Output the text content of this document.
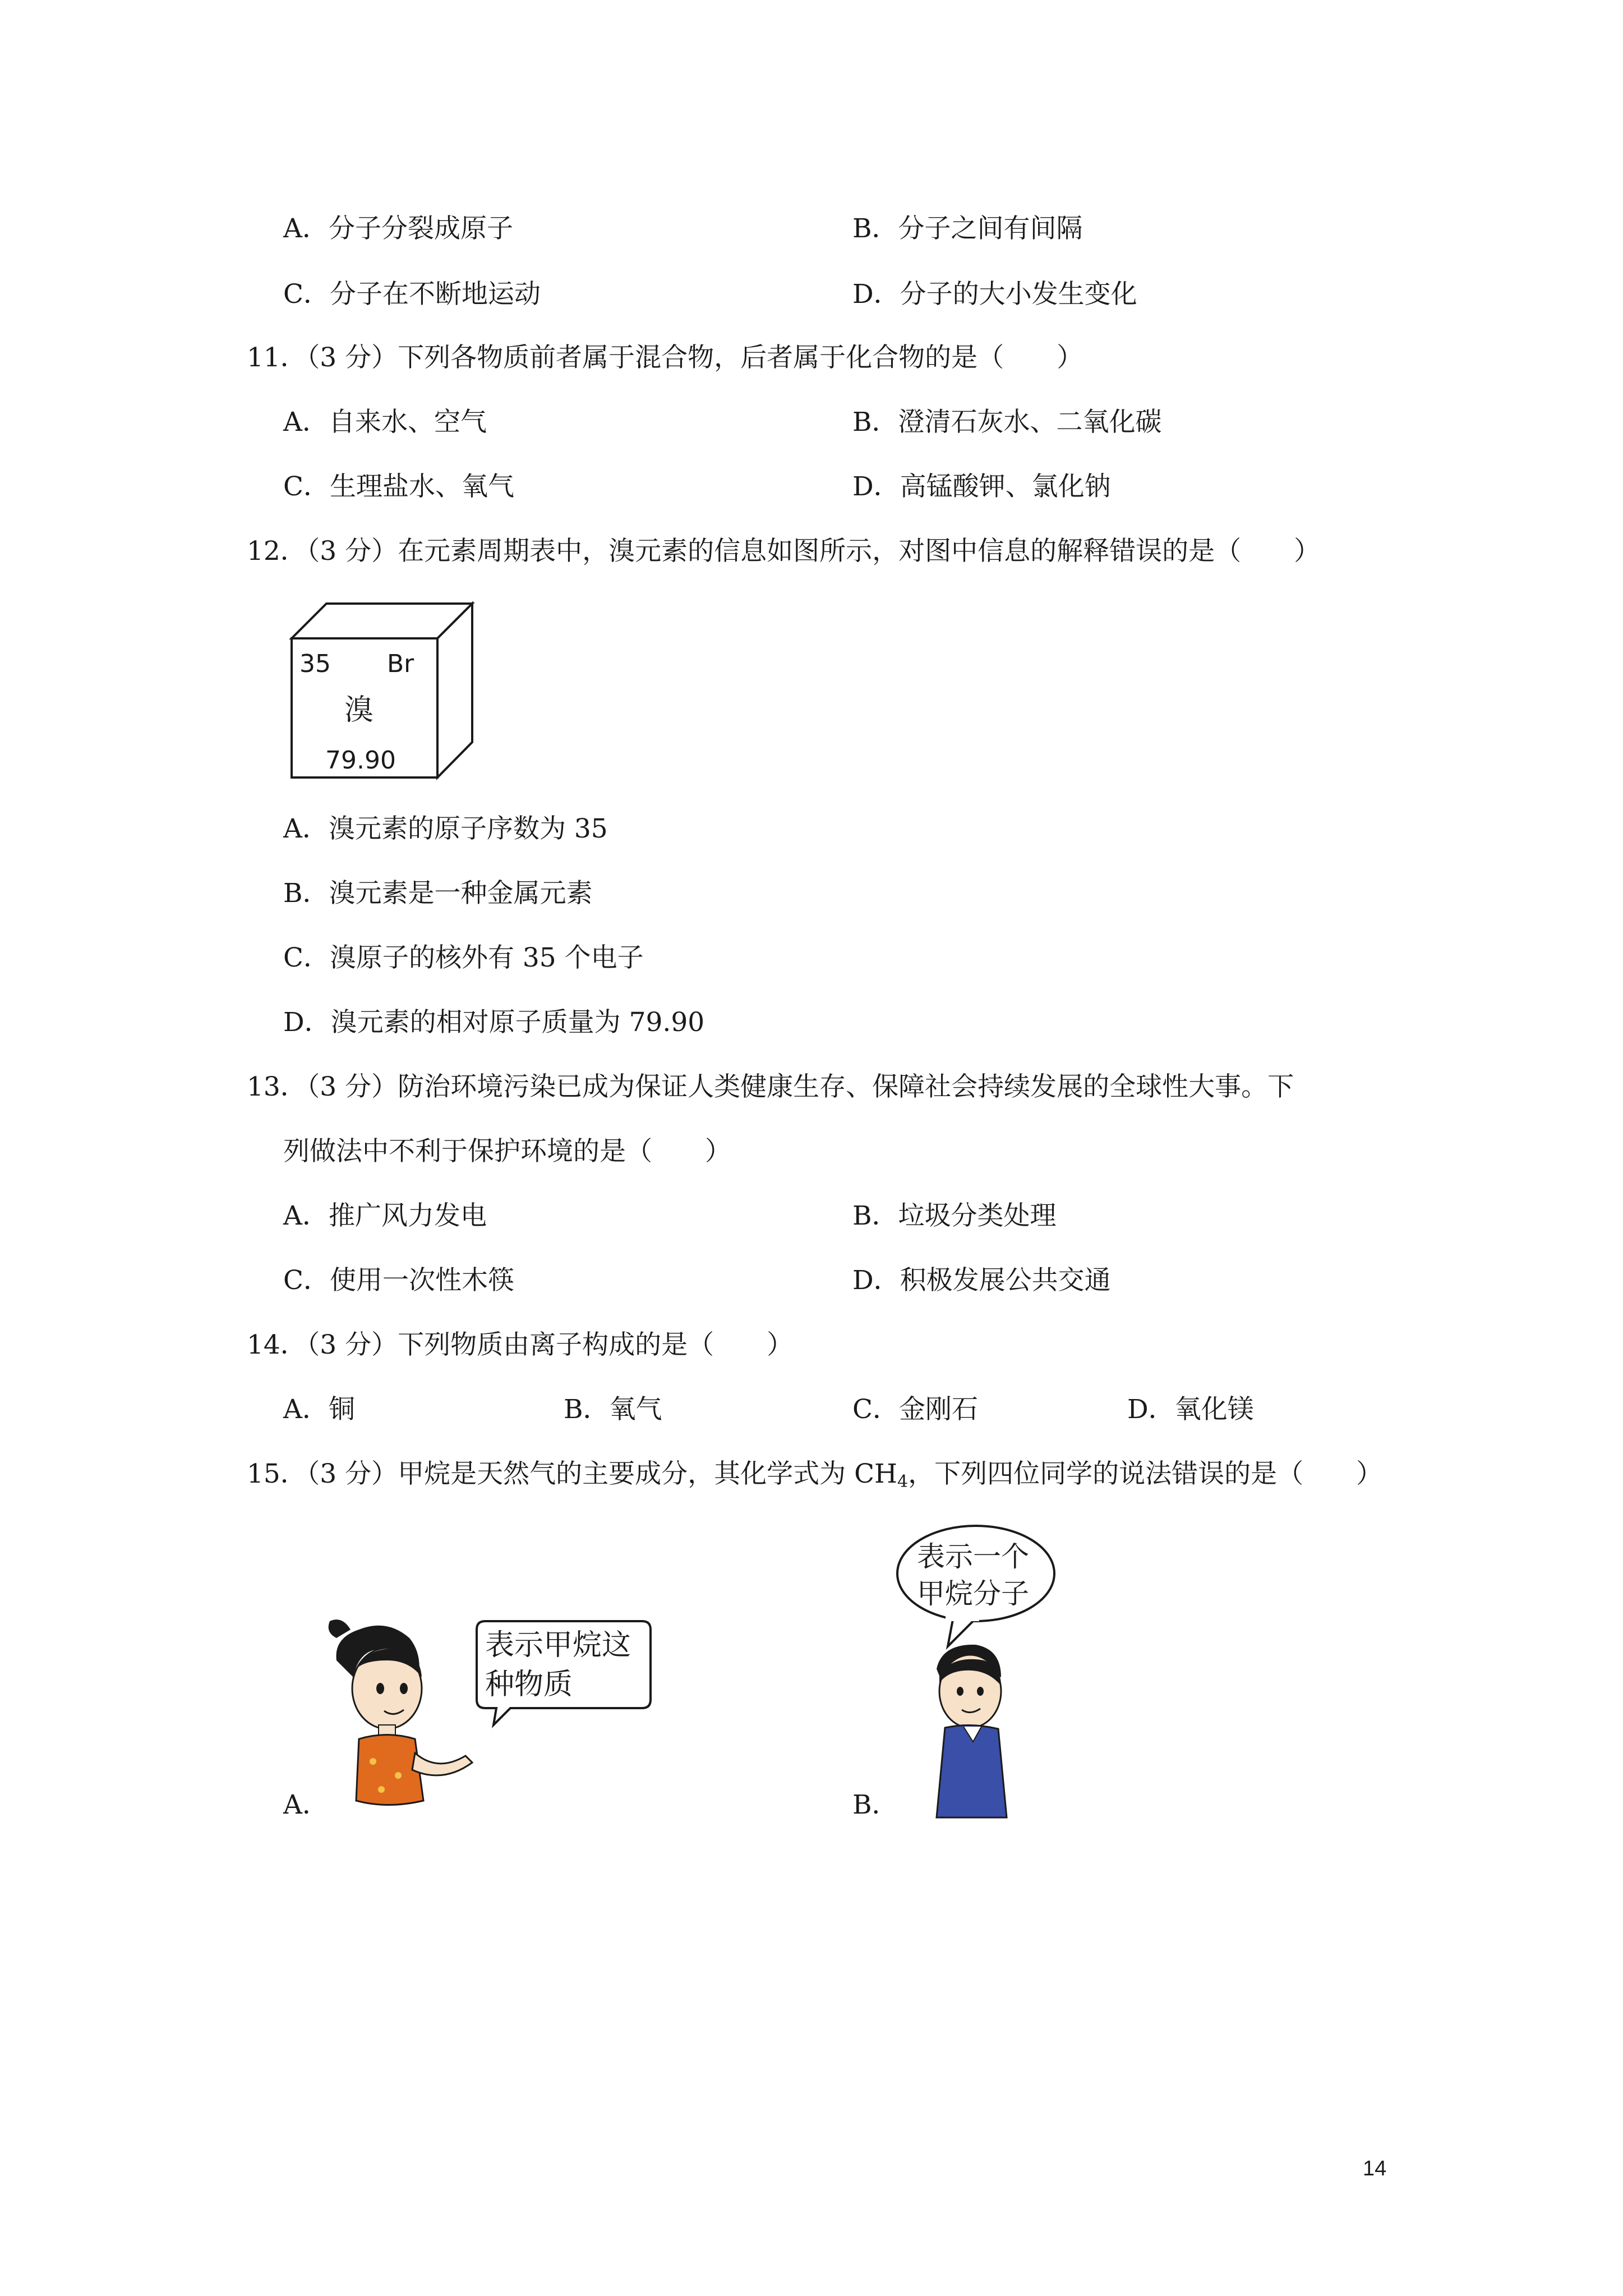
A．分子分裂成原子	B．分子之间有间隔
C．分子在不断地运动	D．分子的大小发生变化
11．（3 分）下列各物质前者属于混合物，后者属于化合物的是（　　）
A．自来水、空气	B．澄清石灰水、二氧化碳
C．生理盐水、氧气	D．高锰酸钾、氯化钠
12．（3 分）在元素周期表中，溴元素的信息如图所示，对图中信息的解释错误的是（　　）
35 Br
溴
79.90
A．溴元素的原子序数为 35
B．溴元素是一种金属元素
C．溴原子的核外有 35 个电子
D．溴元素的相对原子质量为 79.90
13．（3 分）防治环境污染已成为保证人类健康生存、保障社会持续发展的全球性大事。下
列做法中不利于保护环境的是（　　）
A．推广风力发电	B．垃圾分类处理
C．使用一次性木筷	D．积极发展公共交通
14．（3 分）下列物质由离子构成的是（　　）
A．铜	B．氧气	C．金刚石	D．氧化镁
15．（3 分）甲烷是天然气的主要成分，其化学式为 $CH_4$，下列四位同学的说法错误的是（　　）
表示甲烷这
种物质
A．
表示一个
甲烷分子
B．
14
